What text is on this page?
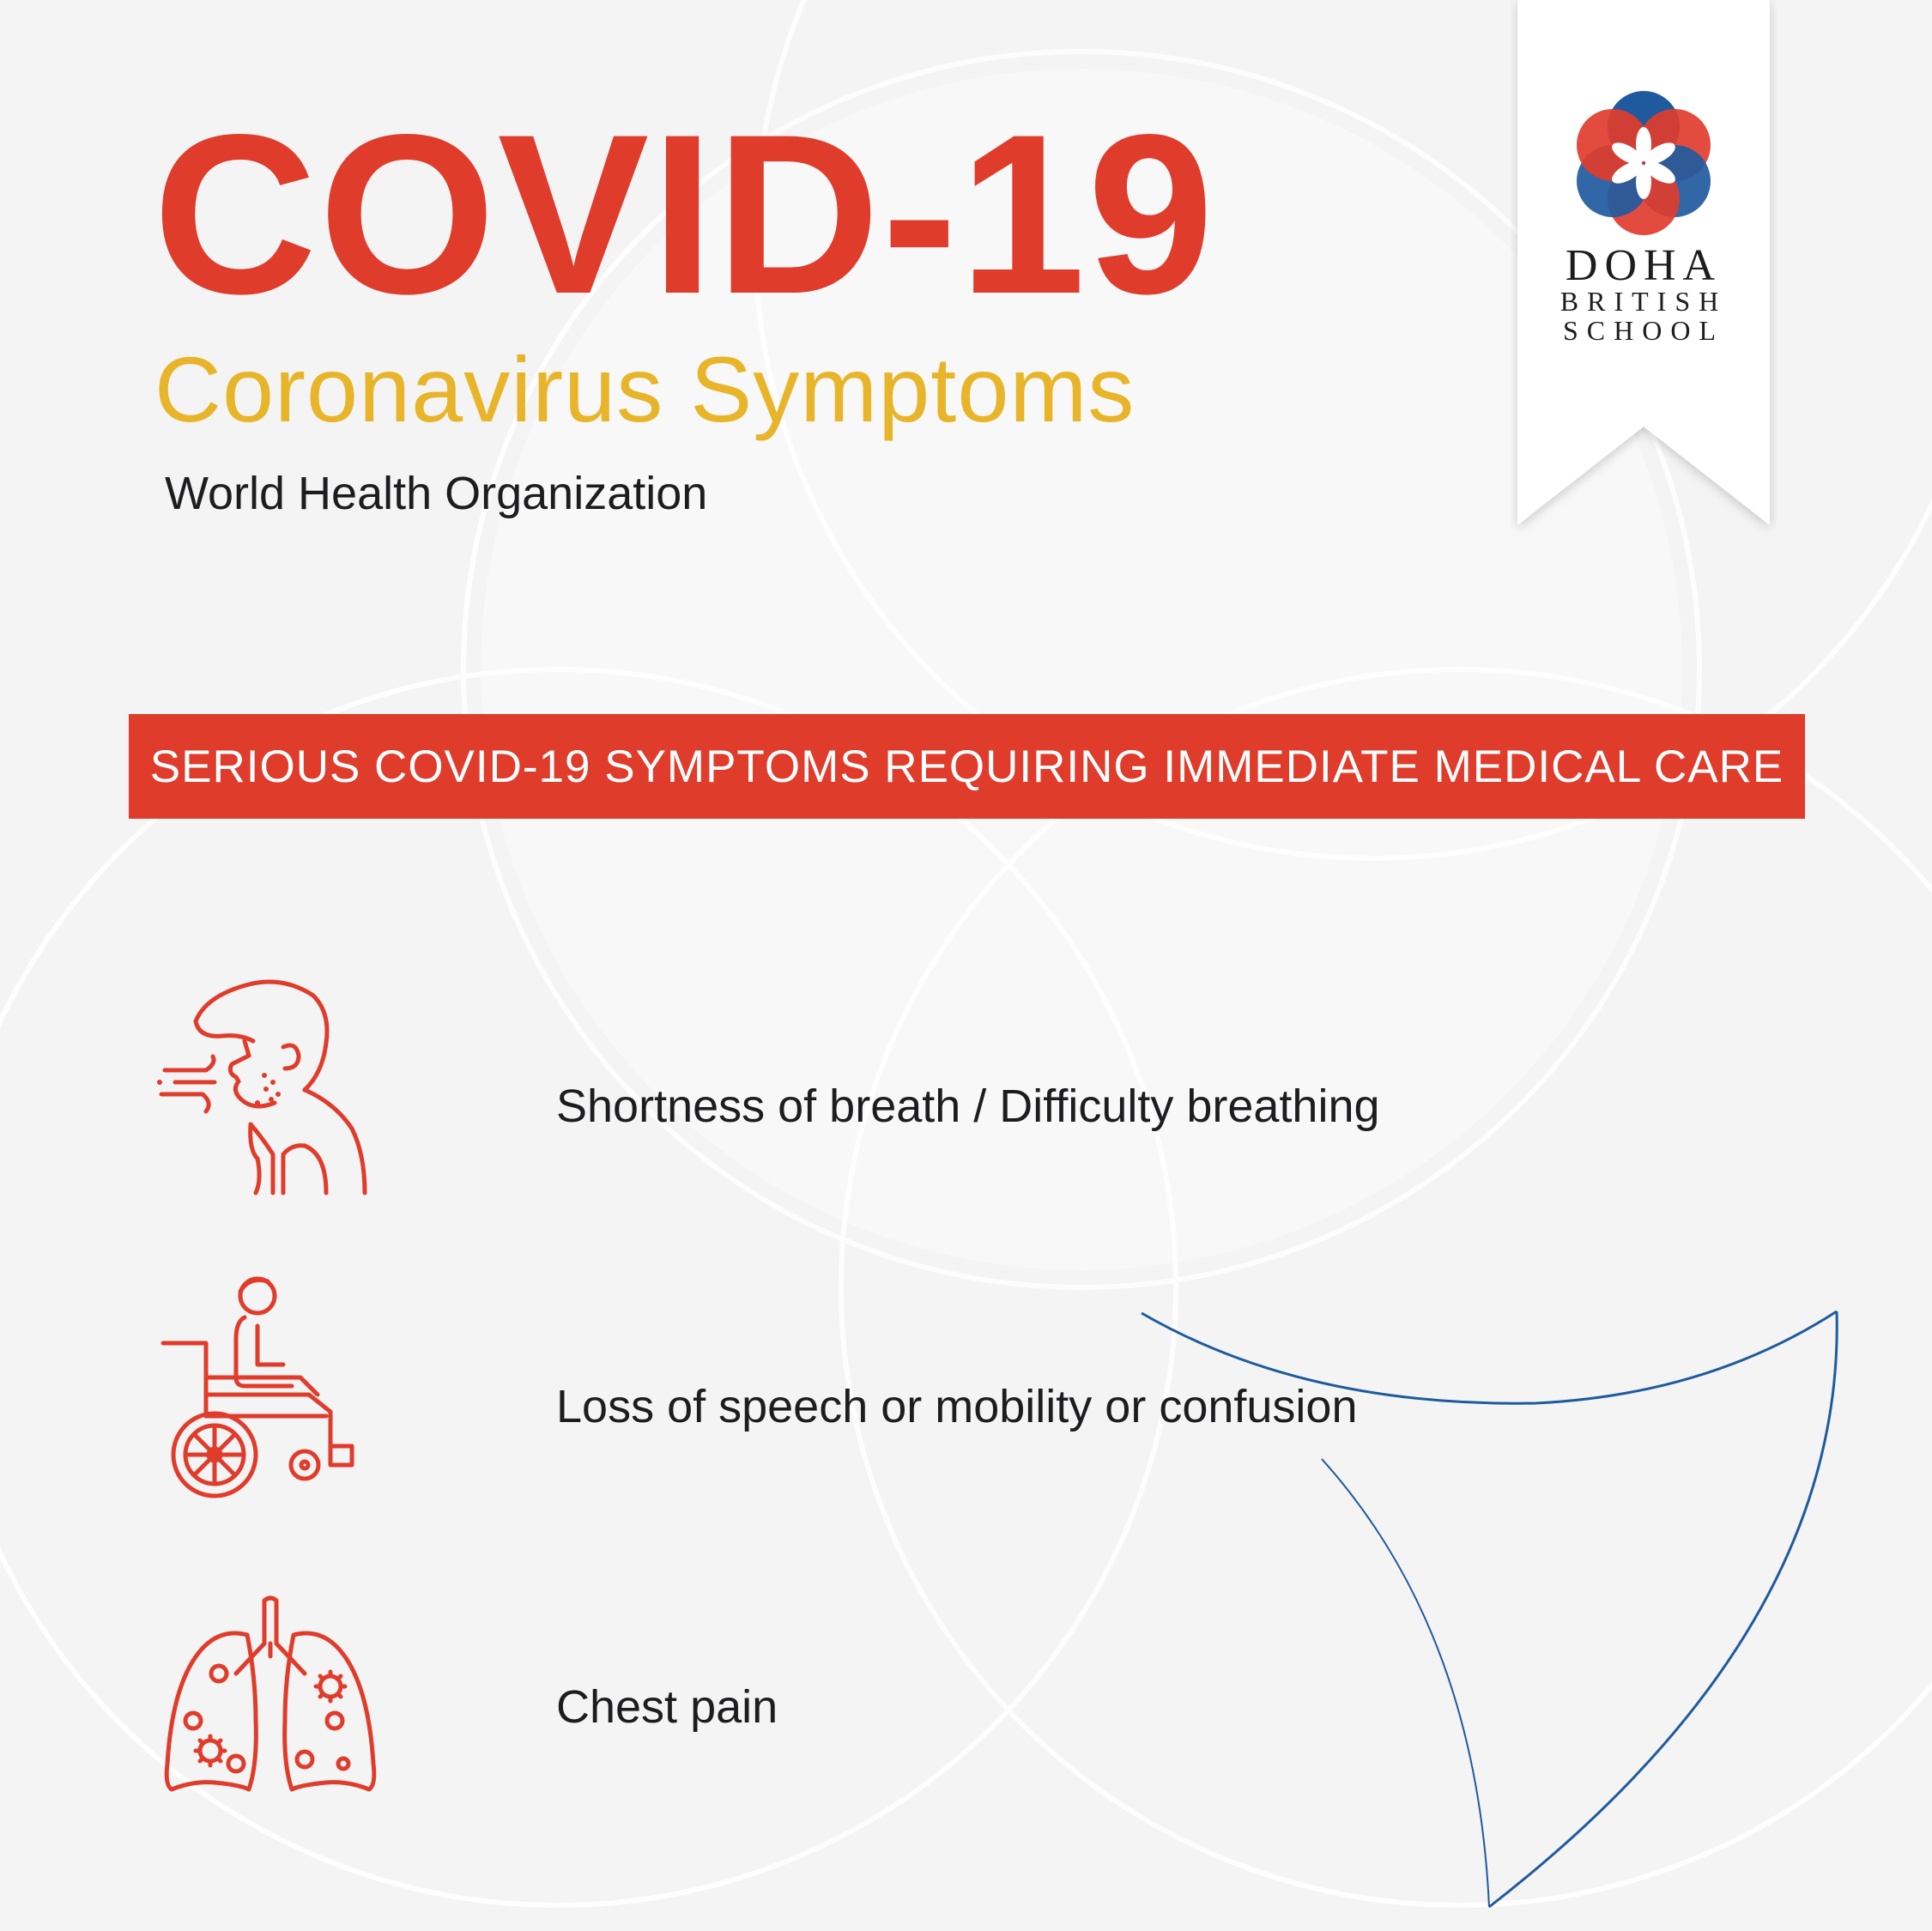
COVID-19
Coronavirus Symptoms
World Health Organization
DOHA
BRITISH
SCHOOL
SERIOUS COVID-19 SYMPTOMS REQUIRING IMMEDIATE MEDICAL CARE
Shortness of breath / Difficulty breathing
Loss of speech or mobility or confusion
Chest pain
